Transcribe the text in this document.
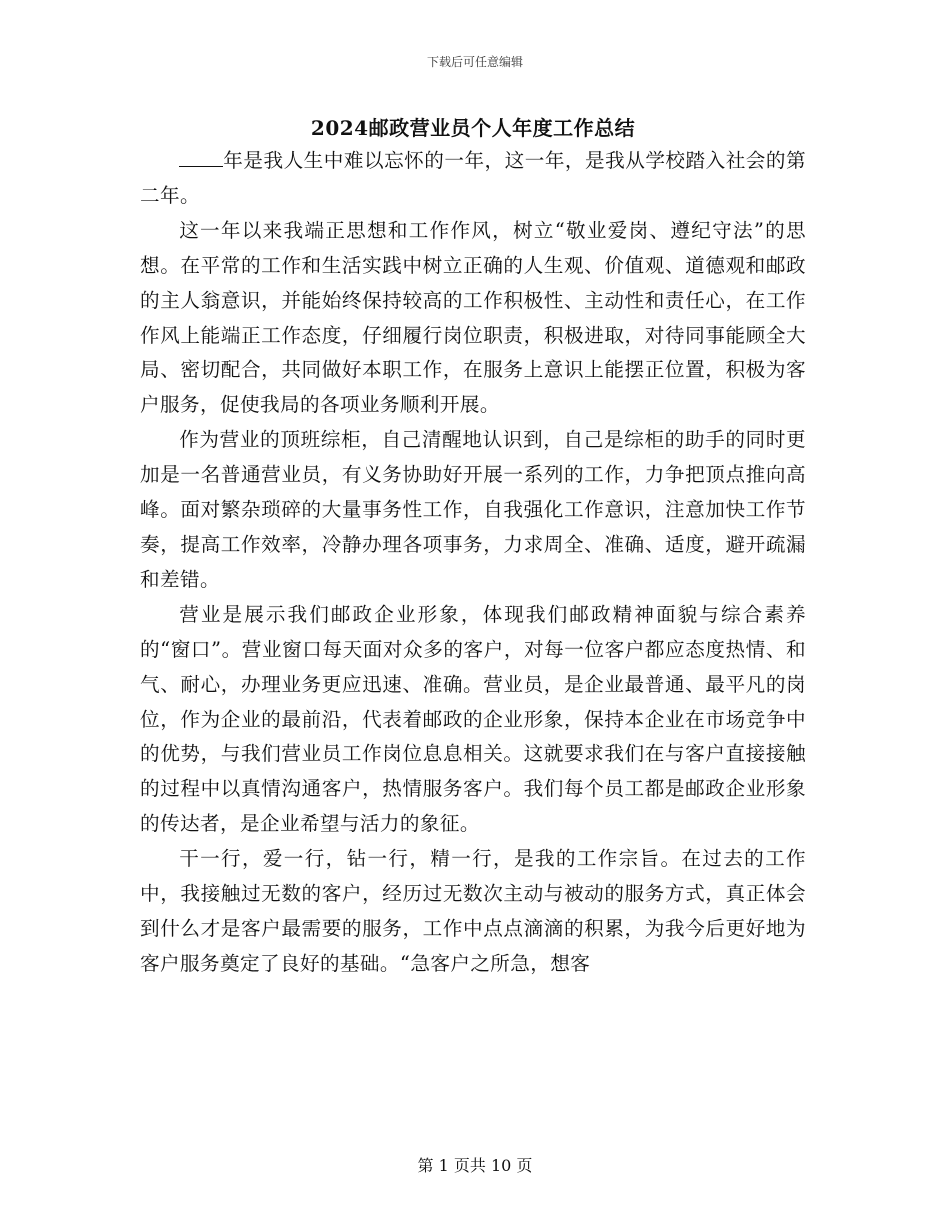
下载后可任意编辑
2024邮政营业员个人年度工作总结

年是我人生中难以忘怀的一年，这一年，是我从学校踏入社会的第二年。

这一年以来我端正思想和工作作风，树立“敬业爱岗、遵纪守法”的思想。在平常的工作和生活实践中树立正确的人生观、价值观、道德观和邮政的主人翁意识，并能始终保持较高的工作积极性、主动性和责任心，在工作作风上能端正工作态度，仔细履行岗位职责，积极进取，对待同事能顾全大局、密切配合，共同做好本职工作，在服务上意识上能摆正位置，积极为客户服务，促使我局的各项业务顺利开展。

作为营业的顶班综柜，自己清醒地认识到，自己是综柜的助手的同时更加是一名普通营业员，有义务协助好开展一系列的工作，力争把顶点推向高峰。面对繁杂琐碎的大量事务性工作，自我强化工作意识，注意加快工作节奏，提高工作效率，冷静办理各项事务，力求周全、准确、适度，避开疏漏和差错。

营业是展示我们邮政企业形象，体现我们邮政精神面貌与综合素养的“窗口”。营业窗口每天面对众多的客户，对每一位客户都应态度热情、和气、耐心，办理业务更应迅速、准确。营业员，是企业最普通、最平凡的岗位，作为企业的最前沿，代表着邮政的企业形象，保持本企业在市场竞争中的优势，与我们营业员工作岗位息息相关。这就要求我们在与客户直接接触的过程中以真情沟通客户，热情服务客户。我们每个员工都是邮政企业形象的传达者，是企业希望与活力的象征。

干一行，爱一行，钻一行，精一行，是我的工作宗旨。在过去的工作中，我接触过无数的客户，经历过无数次主动与被动的服务方式，真正体会到什么才是客户最需要的服务，工作中点点滴滴的积累，为我今后更好地为客户服务奠定了良好的基础。“急客户之所急，想客

第 1 页共 10 页
